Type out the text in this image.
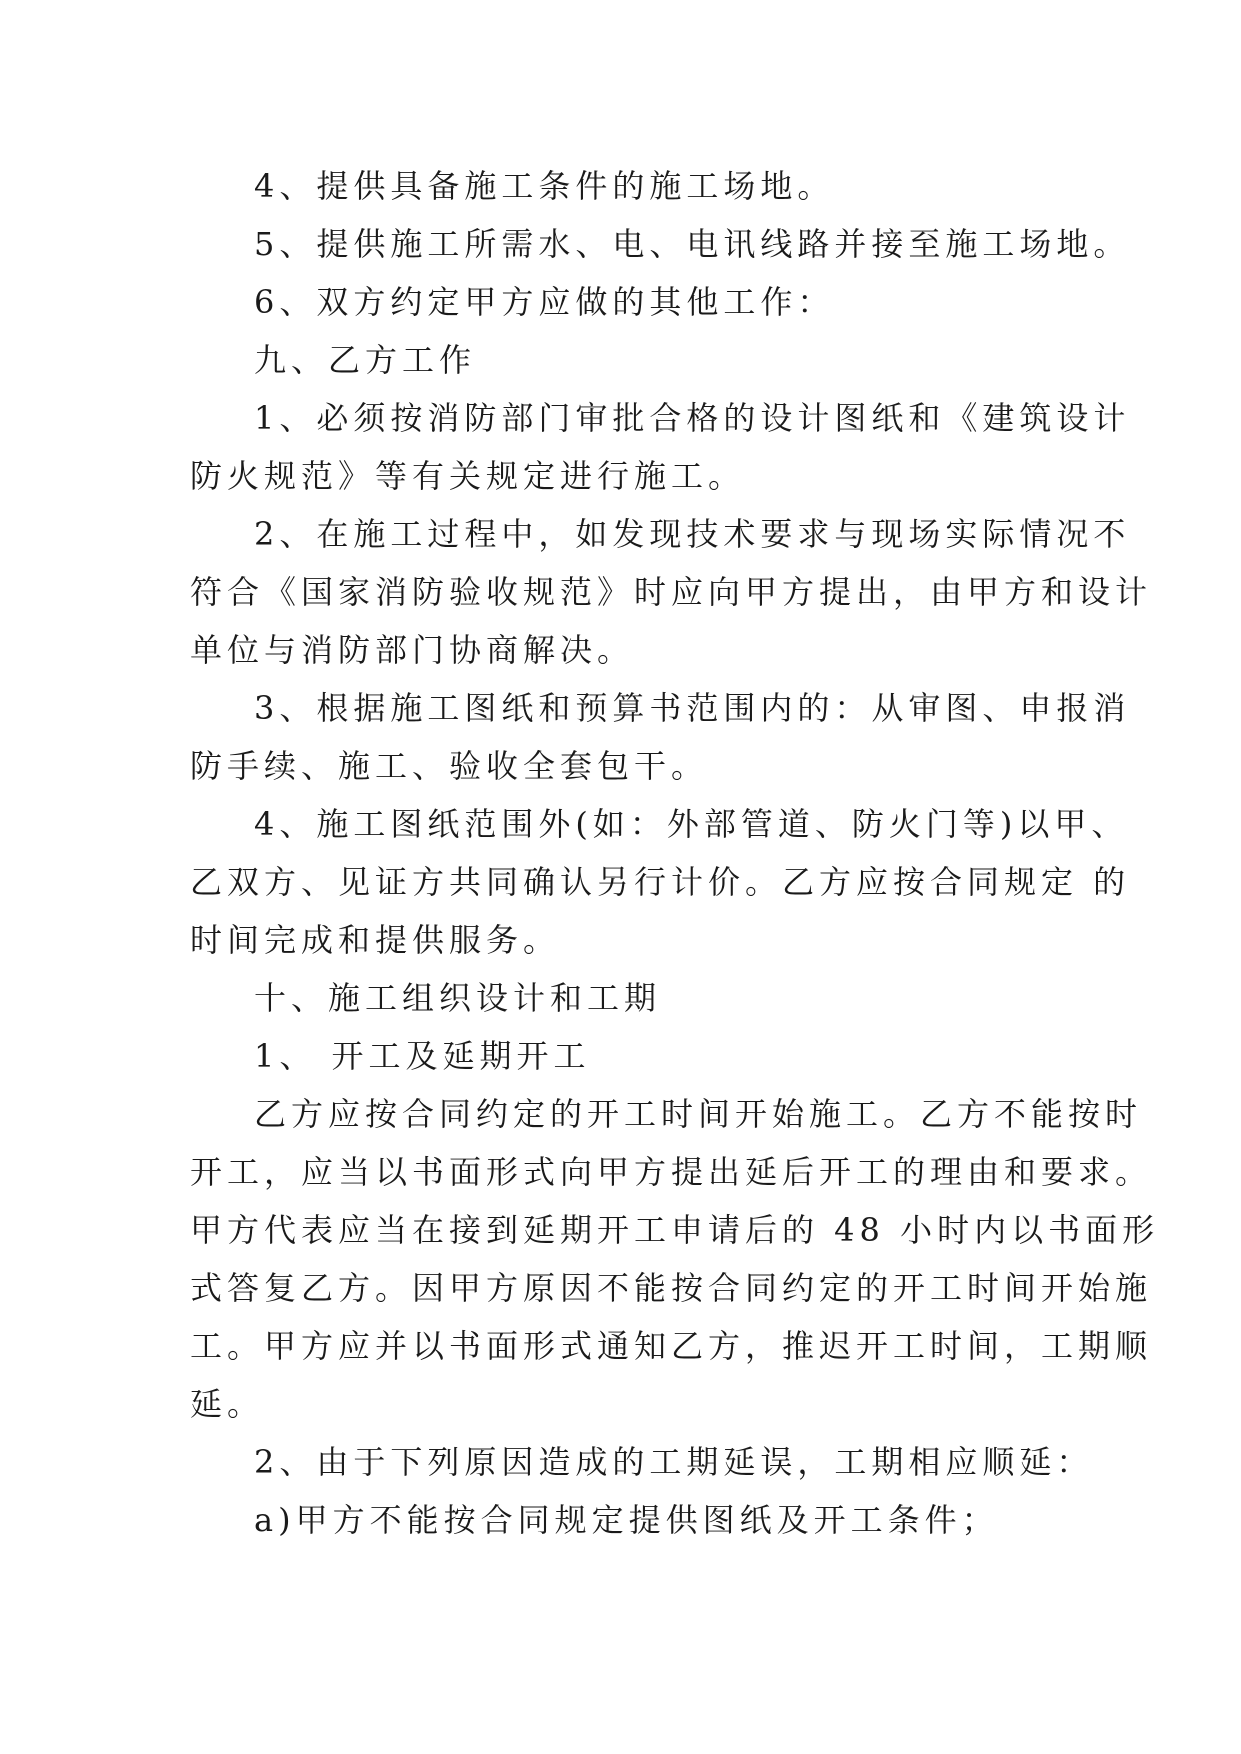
4、提供具备施工条件的施工场地。
5、提供施工所需水、电、电讯线路并接至施工场地。
6、双方约定甲方应做的其他工作：
九、乙方工作
1、必须按消防部门审批合格的设计图纸和《建筑设计
防火规范》等有关规定进行施工。
2、在施工过程中，如发现技术要求与现场实际情况不
符合《国家消防验收规范》时应向甲方提出，由甲方和设计
单位与消防部门协商解决。
3、根据施工图纸和预算书范围内的：从审图、申报消
防手续、施工、验收全套包干。
4、施工图纸范围外(如：外部管道、防火门等)以甲、
乙双方、见证方共同确认另行计价。乙方应按合同规定 的
时间完成和提供服务。
十、施工组织设计和工期
1、 开工及延期开工
乙方应按合同约定的开工时间开始施工。乙方不能按时
开工，应当以书面形式向甲方提出延后开工的理由和要求。
甲方代表应当在接到延期开工申请后的 48 小时内以书面形
式答复乙方。因甲方原因不能按合同约定的开工时间开始施
工。甲方应并以书面形式通知乙方，推迟开工时间，工期顺
延。
2、由于下列原因造成的工期延误，工期相应顺延：
a)甲方不能按合同规定提供图纸及开工条件；
